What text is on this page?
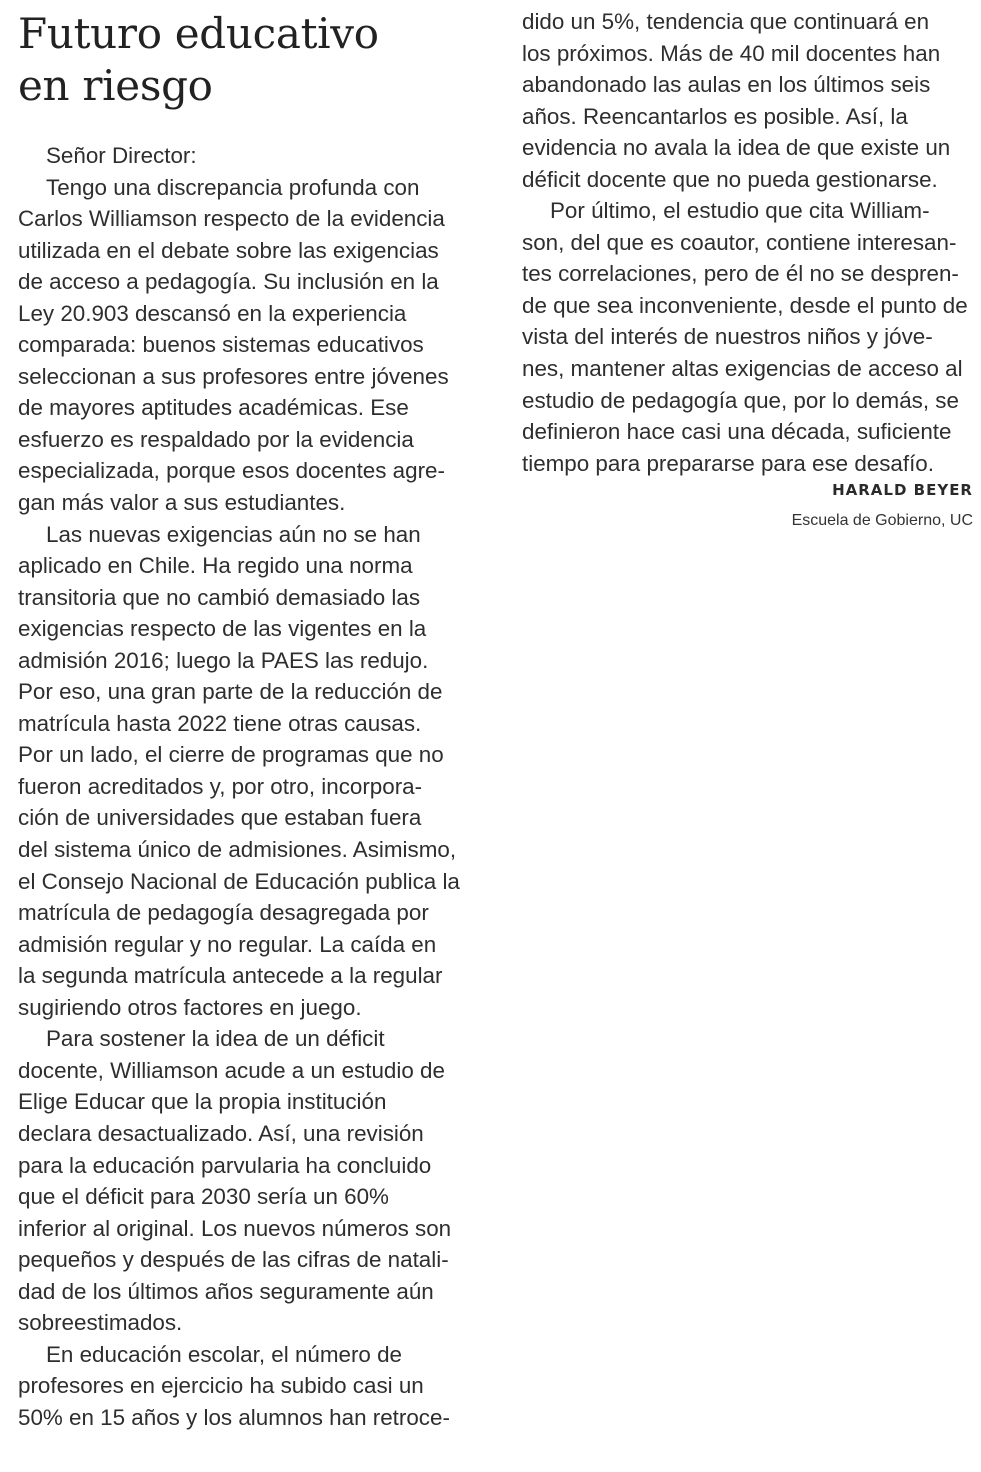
Futuro educativo
en riesgo
Señor Director:
Tengo una discrepancia profunda con
Carlos Williamson respecto de la evidencia
utilizada en el debate sobre las exigencias
de acceso a pedagogía. Su inclusión en la
Ley 20.903 descansó en la experiencia
comparada: buenos sistemas educativos
seleccionan a sus profesores entre jóvenes
de mayores aptitudes académicas. Ese
esfuerzo es respaldado por la evidencia
especializada, porque esos docentes agre-
gan más valor a sus estudiantes.
Las nuevas exigencias aún no se han
aplicado en Chile. Ha regido una norma
transitoria que no cambió demasiado las
exigencias respecto de las vigentes en la
admisión 2016; luego la PAES las redujo.
Por eso, una gran parte de la reducción de
matrícula hasta 2022 tiene otras causas.
Por un lado, el cierre de programas que no
fueron acreditados y, por otro, incorpora-
ción de universidades que estaban fuera
del sistema único de admisiones. Asimismo,
el Consejo Nacional de Educación publica la
matrícula de pedagogía desagregada por
admisión regular y no regular. La caída en
la segunda matrícula antecede a la regular
sugiriendo otros factores en juego.
Para sostener la idea de un déficit
docente, Williamson acude a un estudio de
Elige Educar que la propia institución
declara desactualizado. Así, una revisión
para la educación parvularia ha concluido
que el déficit para 2030 sería un 60%
inferior al original. Los nuevos números son
pequeños y después de las cifras de natali-
dad de los últimos años seguramente aún
sobreestimados.
En educación escolar, el número de
profesores en ejercicio ha subido casi un
50% en 15 años y los alumnos han retroce-
dido un 5%, tendencia que continuará en
los próximos. Más de 40 mil docentes han
abandonado las aulas en los últimos seis
años. Reencantarlos es posible. Así, la
evidencia no avala la idea de que existe un
déficit docente que no pueda gestionarse.
Por último, el estudio que cita William-
son, del que es coautor, contiene interesan-
tes correlaciones, pero de él no se despren-
de que sea inconveniente, desde el punto de
vista del interés de nuestros niños y jóve-
nes, mantener altas exigencias de acceso al
estudio de pedagogía que, por lo demás, se
definieron hace casi una década, suficiente
tiempo para prepararse para ese desafío.
HARALD BEYER
Escuela de Gobierno, UC
